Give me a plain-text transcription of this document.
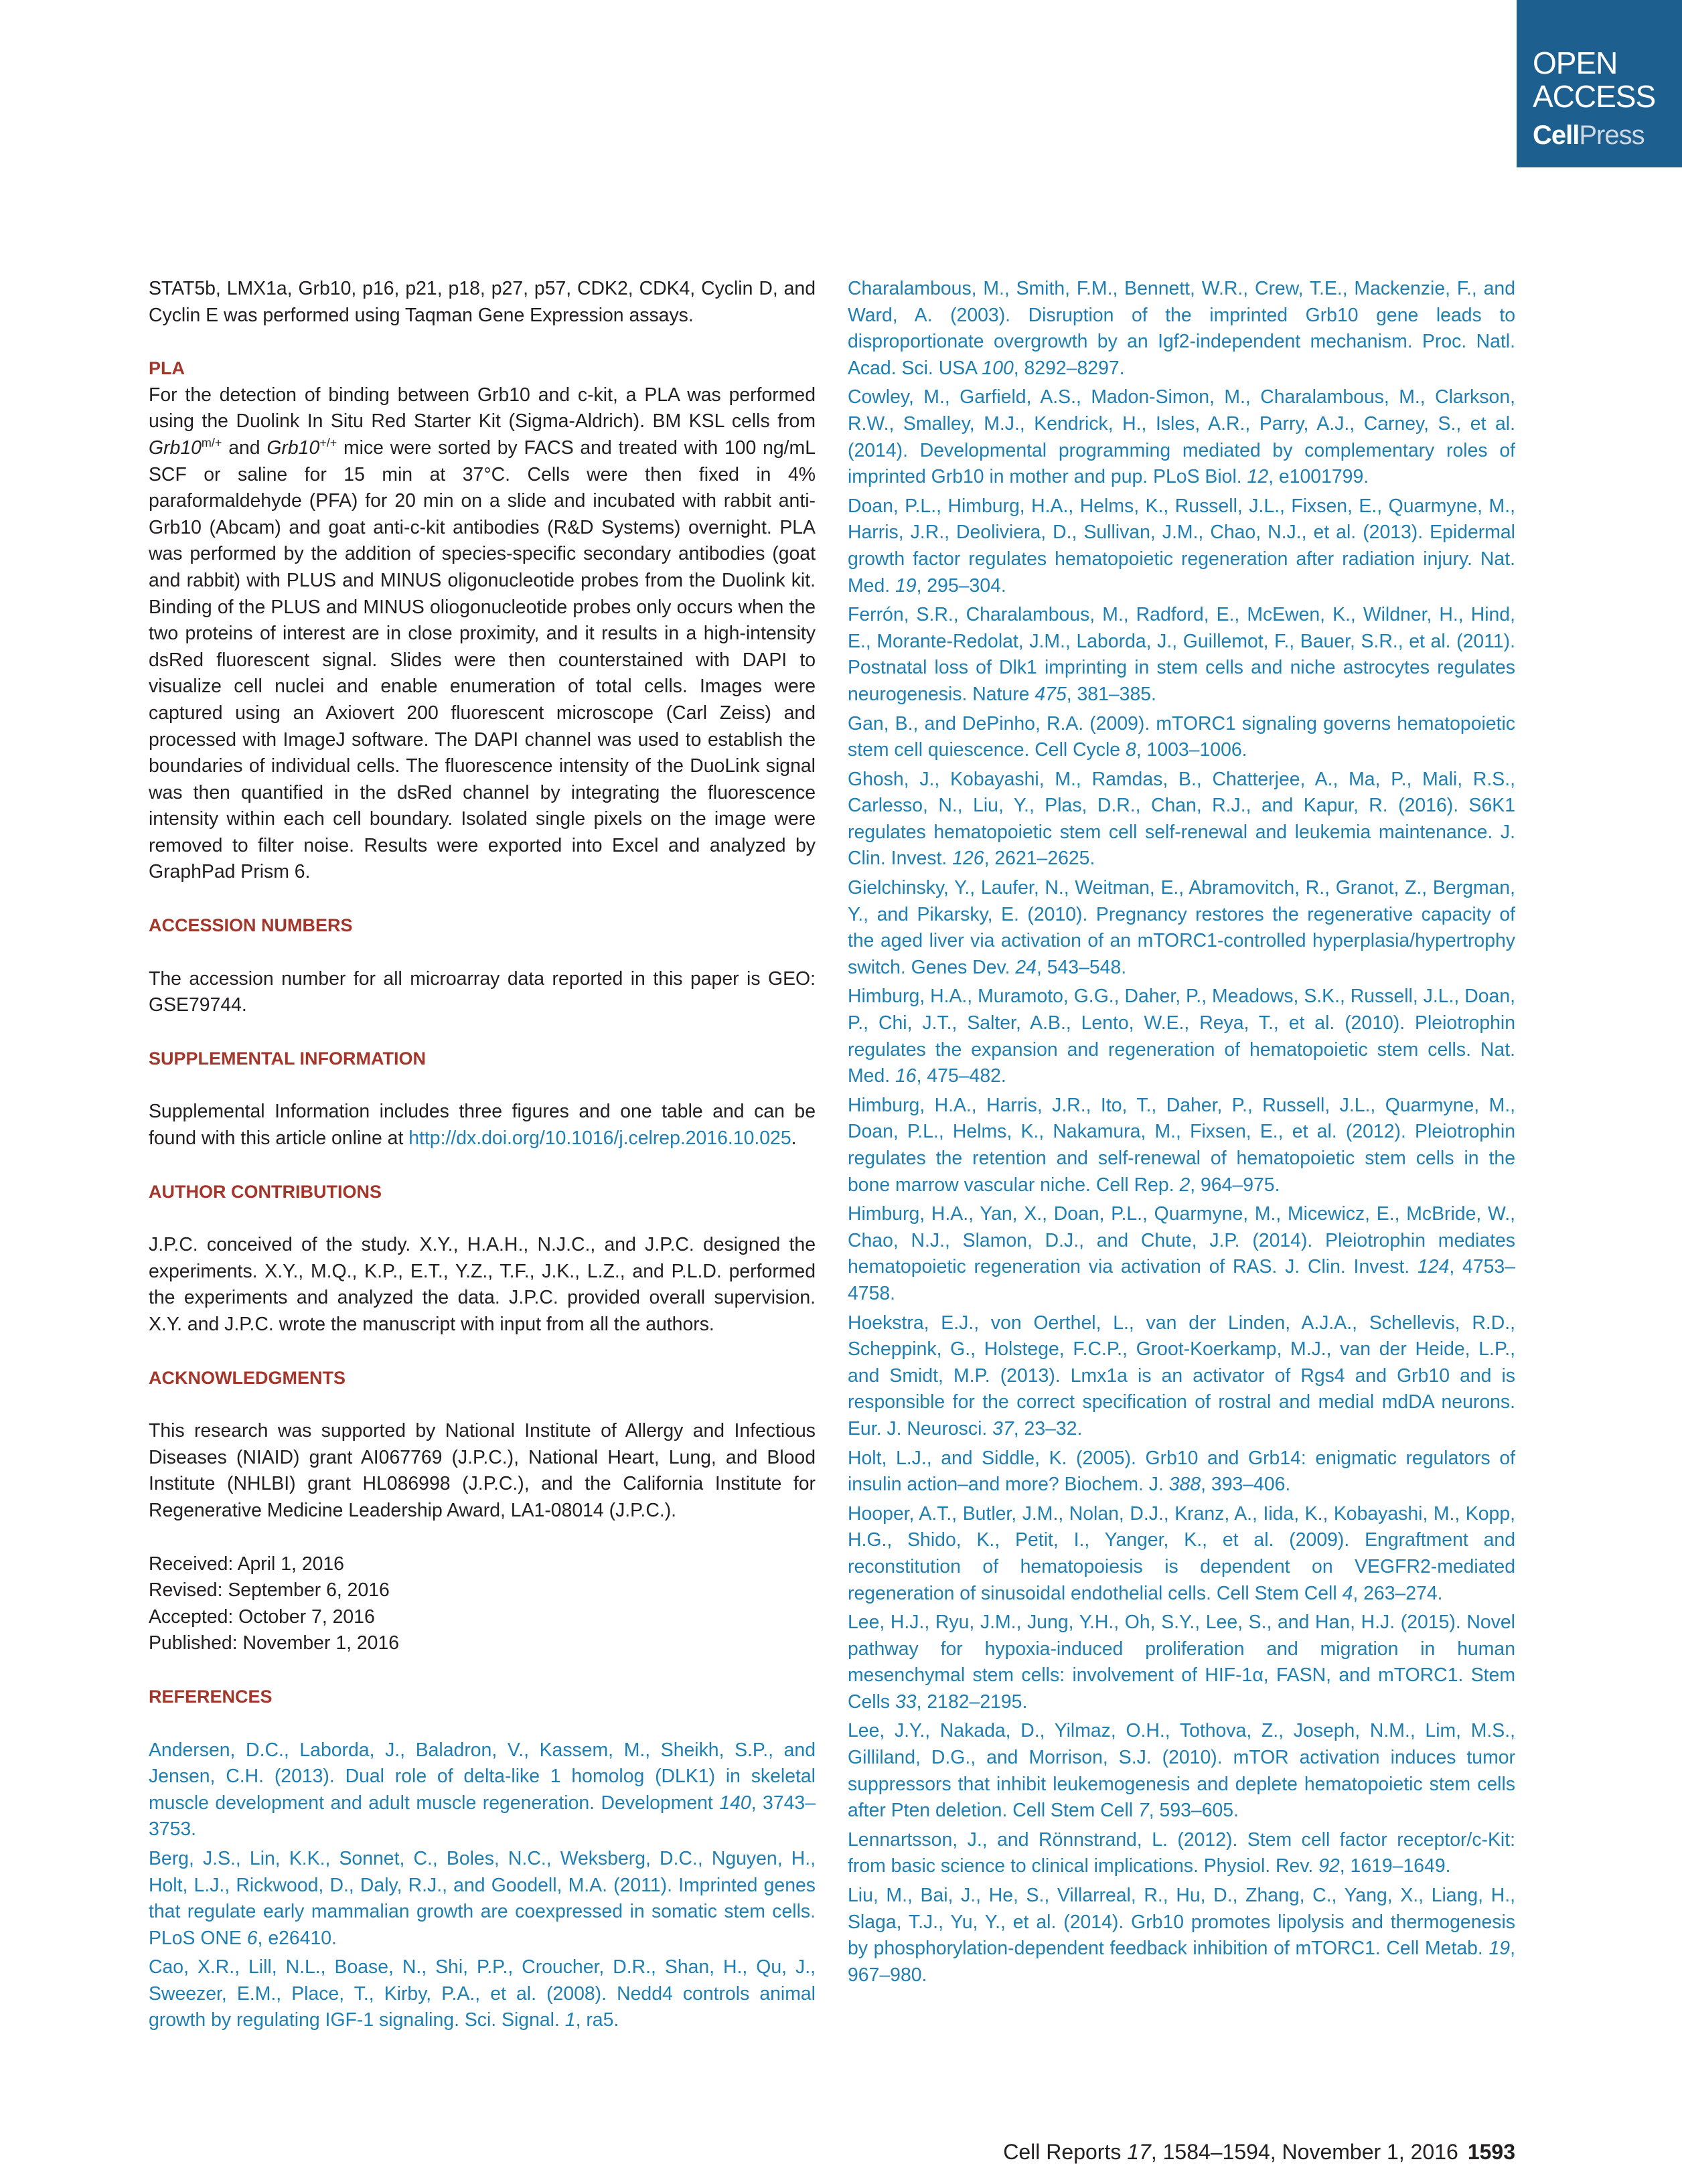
OPEN
ACCESS
CellPress

STAT5b, LMX1a, Grb10, p16, p21, p18, p27, p57, CDK2, CDK4, Cyclin D, and Cyclin E was performed using Taqman Gene Expression assays.

PLA

For the detection of binding between Grb10 and c-kit, a PLA was performed using the Duolink In Situ Red Starter Kit (Sigma-Aldrich). BM KSL cells from $Grb10^{m/+}$ and Grb10+/+ mice were sorted by FACS and treated with 100 ng/mL SCF or saline for 15 min at 37°C. Cells were then fixed in 4% paraformaldehyde (PFA) for 20 min on a slide and incubated with rabbit anti-Grb10 (Abcam) and goat anti-c-kit antibodies (R&D Systems) overnight. PLA was performed by the addition of species-specific secondary antibodies (goat and rabbit) with PLUS and MINUS oligonucleotide probes from the Duolink kit. Binding of the PLUS and MINUS oliogonucleotide probes only occurs when the two proteins of interest are in close proximity, and it results in a high-intensity dsRed fluorescent signal. Slides were then counterstained with DAPI to visualize cell nuclei and enable enumeration of total cells. Images were captured using an Axiovert 200 fluorescent microscope (Carl Zeiss) and processed with ImageJ software. The DAPI channel was used to establish the boundaries of individual cells. The fluorescence intensity of the DuoLink signal was then quantified in the dsRed channel by integrating the fluorescence intensity within each cell boundary. Isolated single pixels on the image were removed to filter noise. Results were exported into Excel and analyzed by GraphPad Prism 6.

ACCESSION NUMBERS

The accession number for all microarray data reported in this paper is GEO: GSE79744.

SUPPLEMENTAL INFORMATION

Supplemental Information includes three figures and one table and can be found with this article online at http://dx.doi.org/10.1016/j.celrep.2016.10.025.

AUTHOR CONTRIBUTIONS

J.P.C. conceived of the study. X.Y., H.A.H., N.J.C., and J.P.C. designed the experiments. X.Y., M.Q., K.P., E.T., Y.Z., T.F., J.K., L.Z., and P.L.D. performed the experiments and analyzed the data. J.P.C. provided overall supervision. X.Y. and J.P.C. wrote the manuscript with input from all the authors.

ACKNOWLEDGMENTS

This research was supported by National Institute of Allergy and Infectious Diseases (NIAID) grant AI067769 (J.P.C.), National Heart, Lung, and Blood Institute (NHLBI) grant HL086998 (J.P.C.), and the California Institute for Regenerative Medicine Leadership Award, LA1-08014 (J.P.C.).

Received: April 1, 2016

Revised: September 6, 2016

Accepted: October 7, 2016

Published: November 1, 2016

REFERENCES

Andersen, D.C., Laborda, J., Baladron, V., Kassem, M., Sheikh, S.P., and Jensen, C.H. (2013). Dual role of delta-like 1 homolog (DLK1) in skeletal muscle development and adult muscle regeneration. Development 140, 3743–3753.

Berg, J.S., Lin, K.K., Sonnet, C., Boles, N.C., Weksberg, D.C., Nguyen, H., Holt, L.J., Rickwood, D., Daly, R.J., and Goodell, M.A. (2011). Imprinted genes that regulate early mammalian growth are coexpressed in somatic stem cells. PLoS ONE 6, e26410.

Cao, X.R., Lill, N.L., Boase, N., Shi, P.P., Croucher, D.R., Shan, H., Qu, J., Sweezer, E.M., Place, T., Kirby, P.A., et al. (2008). Nedd4 controls animal growth by regulating IGF-1 signaling. Sci. Signal. 1, ra5.

Charalambous, M., Smith, F.M., Bennett, W.R., Crew, T.E., Mackenzie, F., and Ward, A. (2003). Disruption of the imprinted Grb10 gene leads to disproportionate overgrowth by an Igf2-independent mechanism. Proc. Natl. Acad. Sci. USA 100, 8292–8297.

Cowley, M., Garfield, A.S., Madon-Simon, M., Charalambous, M., Clarkson, R.W., Smalley, M.J., Kendrick, H., Isles, A.R., Parry, A.J., Carney, S., et al. (2014). Developmental programming mediated by complementary roles of imprinted Grb10 in mother and pup. PLoS Biol. 12, e1001799.

Doan, P.L., Himburg, H.A., Helms, K., Russell, J.L., Fixsen, E., Quarmyne, M., Harris, J.R., Deoliviera, D., Sullivan, J.M., Chao, N.J., et al. (2013). Epidermal growth factor regulates hematopoietic regeneration after radiation injury. Nat. Med. 19, 295–304.

Ferrón, S.R., Charalambous, M., Radford, E., McEwen, K., Wildner, H., Hind, E., Morante-Redolat, J.M., Laborda, J., Guillemot, F., Bauer, S.R., et al. (2011). Postnatal loss of Dlk1 imprinting in stem cells and niche astrocytes regulates neurogenesis. Nature 475, 381–385.

Gan, B., and DePinho, R.A. (2009). mTORC1 signaling governs hematopoietic stem cell quiescence. Cell Cycle 8, 1003–1006.

Ghosh, J., Kobayashi, M., Ramdas, B., Chatterjee, A., Ma, P., Mali, R.S., Carlesso, N., Liu, Y., Plas, D.R., Chan, R.J., and Kapur, R. (2016). S6K1 regulates hematopoietic stem cell self-renewal and leukemia maintenance. J. Clin. Invest. 126, 2621–2625.

Gielchinsky, Y., Laufer, N., Weitman, E., Abramovitch, R., Granot, Z., Bergman, Y., and Pikarsky, E. (2010). Pregnancy restores the regenerative capacity of the aged liver via activation of an mTORC1-controlled hyperplasia/hypertrophy switch. Genes Dev. 24, 543–548.

Himburg, H.A., Muramoto, G.G., Daher, P., Meadows, S.K., Russell, J.L., Doan, P., Chi, J.T., Salter, A.B., Lento, W.E., Reya, T., et al. (2010). Pleiotrophin regulates the expansion and regeneration of hematopoietic stem cells. Nat. Med. 16, 475–482.

Himburg, H.A., Harris, J.R., Ito, T., Daher, P., Russell, J.L., Quarmyne, M., Doan, P.L., Helms, K., Nakamura, M., Fixsen, E., et al. (2012). Pleiotrophin regulates the retention and self-renewal of hematopoietic stem cells in the bone marrow vascular niche. Cell Rep. 2, 964–975.

Himburg, H.A., Yan, X., Doan, P.L., Quarmyne, M., Micewicz, E., McBride, W., Chao, N.J., Slamon, D.J., and Chute, J.P. (2014). Pleiotrophin mediates hematopoietic regeneration via activation of RAS. J. Clin. Invest. 124, 4753–4758.

Hoekstra, E.J., von Oerthel, L., van der Linden, A.J.A., Schellevis, R.D., Scheppink, G., Holstege, F.C.P., Groot-Koerkamp, M.J., van der Heide, L.P., and Smidt, M.P. (2013). Lmx1a is an activator of Rgs4 and Grb10 and is responsible for the correct specification of rostral and medial mdDA neurons. Eur. J. Neurosci. 37, 23–32.

Holt, L.J., and Siddle, K. (2005). Grb10 and Grb14: enigmatic regulators of insulin action–and more? Biochem. J. 388, 393–406.

Hooper, A.T., Butler, J.M., Nolan, D.J., Kranz, A., Iida, K., Kobayashi, M., Kopp, H.G., Shido, K., Petit, I., Yanger, K., et al. (2009). Engraftment and reconstitution of hematopoiesis is dependent on VEGFR2-mediated regeneration of sinusoidal endothelial cells. Cell Stem Cell 4, 263–274.

Lee, H.J., Ryu, J.M., Jung, Y.H., Oh, S.Y., Lee, S., and Han, H.J. (2015). Novel pathway for hypoxia-induced proliferation and migration in human mesenchymal stem cells: involvement of HIF-1α, FASN, and mTORC1. Stem Cells 33, 2182–2195.

Lee, J.Y., Nakada, D., Yilmaz, O.H., Tothova, Z., Joseph, N.M., Lim, M.S., Gilliland, D.G., and Morrison, S.J. (2010). mTOR activation induces tumor suppressors that inhibit leukemogenesis and deplete hematopoietic stem cells after Pten deletion. Cell Stem Cell 7, 593–605.

Lennartsson, J., and Rönnstrand, L. (2012). Stem cell factor receptor/c-Kit: from basic science to clinical implications. Physiol. Rev. 92, 1619–1649.

Liu, M., Bai, J., He, S., Villarreal, R., Hu, D., Zhang, C., Yang, X., Liang, H., Slaga, T.J., Yu, Y., et al. (2014). Grb10 promotes lipolysis and thermogenesis by phosphorylation-dependent feedback inhibition of mTORC1. Cell Metab. 19, 967–980.

Cell Reports 17, 1584–1594, November 1, 2016 1593
